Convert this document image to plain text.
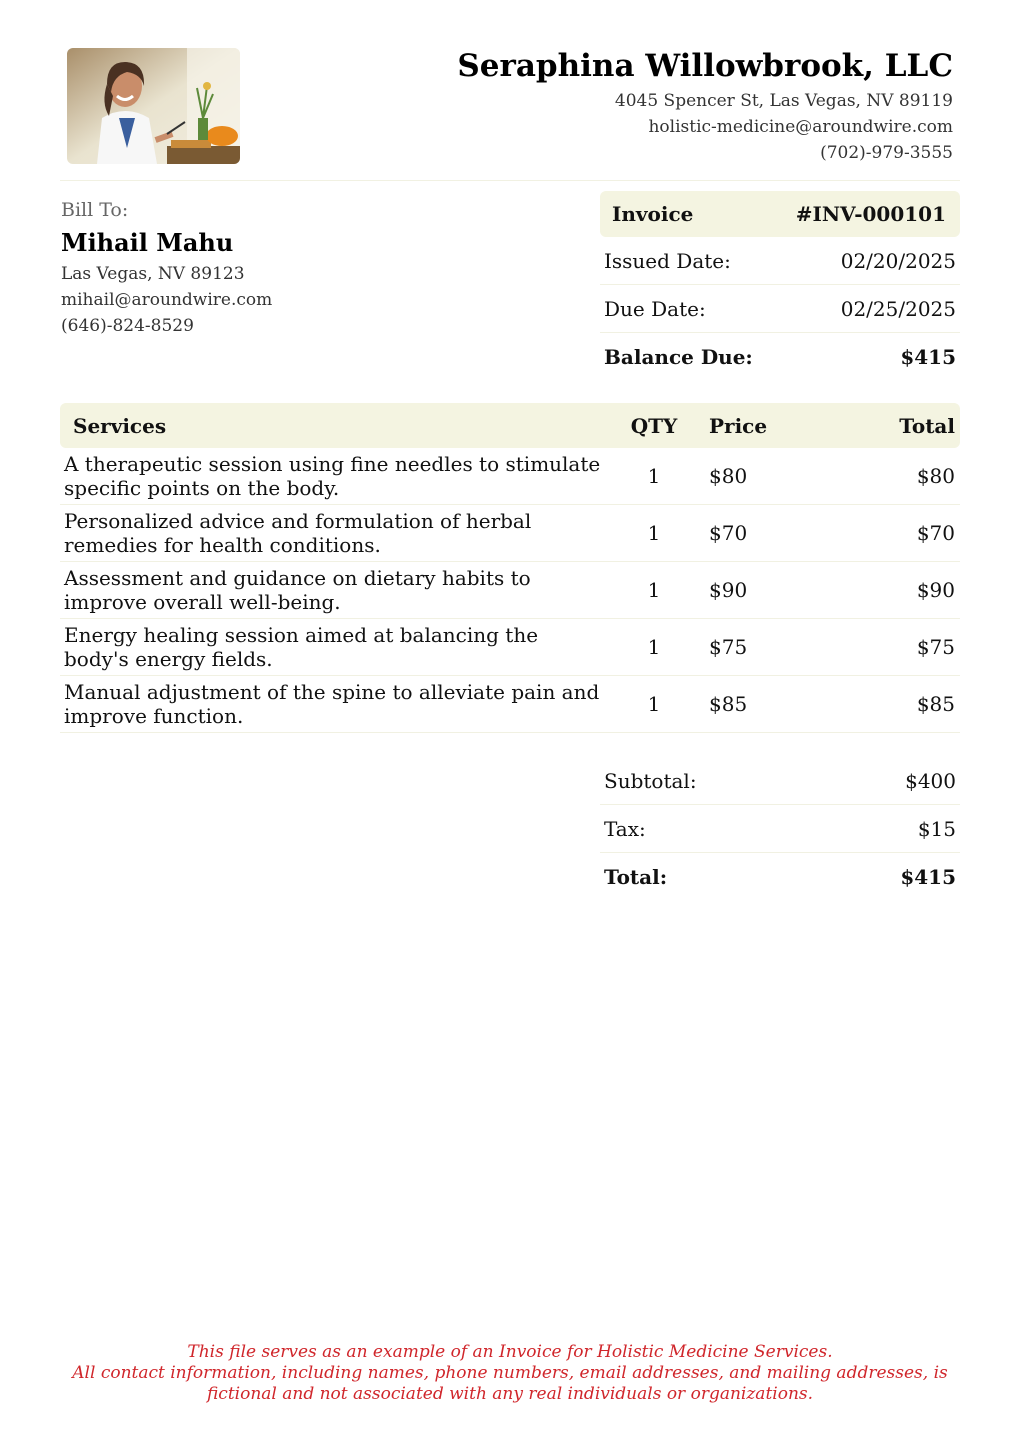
Seraphina Willowbrook, LLC
4045 Spencer St, Las Vegas, NV 89119
holistic-medicine@aroundwire.com
(702)-979-3555
Bill To:
Mihail Mahu
Las Vegas, NV 89123
mihail@aroundwire.com
(646)-824-8529
Invoice	#INV-000101
Issued Date:	02/20/2025
Due Date:	02/25/2025
Balance Due:	$415
Services	QTY	Price	Total
A therapeutic session using fine needles to stimulate specific points on the body.	1	$80	$80
Personalized advice and formulation of herbal remedies for health conditions.	1	$70	$70
Assessment and guidance on dietary habits to improve overall well-being.	1	$90	$90
Energy healing session aimed at balancing the body's energy fields.	1	$75	$75
Manual adjustment of the spine to alleviate pain and improve function.	1	$85	$85
Subtotal:	$400
Tax:	$15
Total:	$415
This file serves as an example of an Invoice for Holistic Medicine Services.
All contact information, including names, phone numbers, email addresses, and mailing addresses, is
fictional and not associated with any real individuals or organizations.
